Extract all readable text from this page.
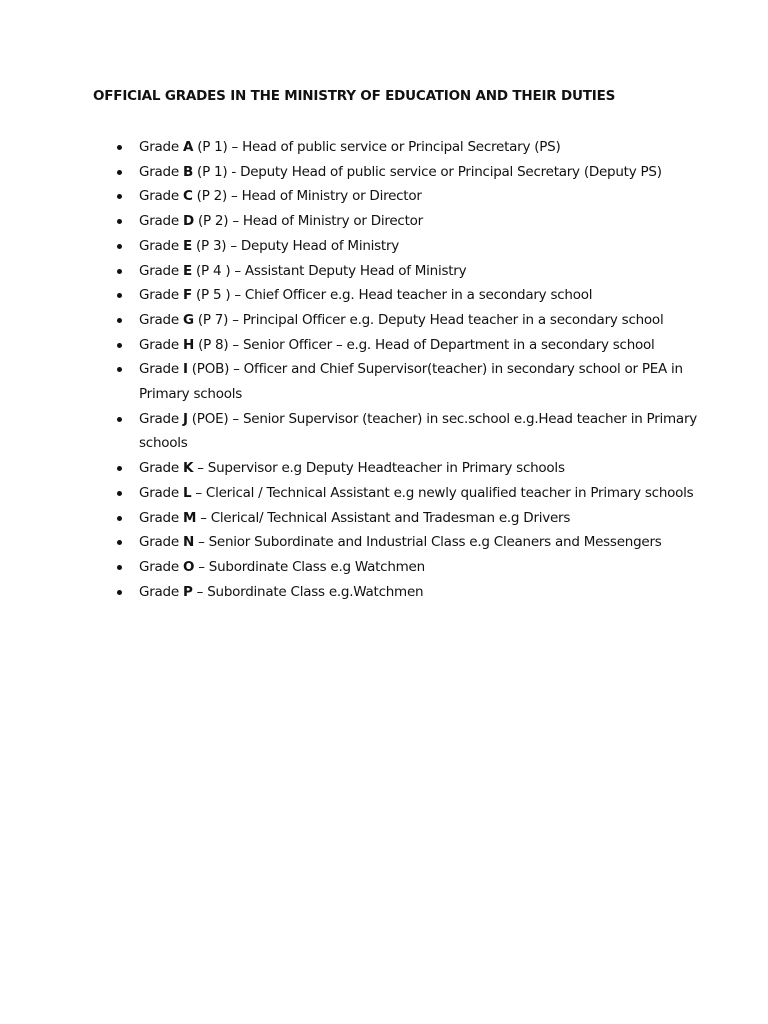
OFFICIAL GRADES IN THE MINISTRY OF EDUCATION AND THEIR DUTIES
Grade A (P 1) – Head of public service or Principal Secretary (PS)
Grade B (P 1) - Deputy Head of public service or Principal Secretary (Deputy PS)
Grade C (P 2) – Head of Ministry or Director
Grade D (P 2) – Head of Ministry or Director
Grade E (P 3) – Deputy Head of Ministry
Grade E (P 4 ) – Assistant Deputy Head of Ministry
Grade F (P 5 ) – Chief Officer e.g. Head teacher in a secondary school
Grade G (P 7) – Principal Officer e.g. Deputy Head teacher in a secondary school
Grade H (P 8) – Senior Officer – e.g. Head of Department in a secondary school
Grade I (POB) – Officer and Chief Supervisor(teacher) in secondary school or PEA in Primary schools
Grade J (POE) – Senior Supervisor (teacher) in sec.school e.g.Head teacher in Primary schools
Grade K – Supervisor e.g Deputy Headteacher in Primary schools
Grade L – Clerical / Technical Assistant e.g newly qualified teacher in Primary schools
Grade M – Clerical/ Technical Assistant and Tradesman e.g Drivers
Grade N – Senior Subordinate and Industrial Class e.g Cleaners and Messengers
Grade O – Subordinate Class e.g Watchmen
Grade P – Subordinate Class e.g.Watchmen
